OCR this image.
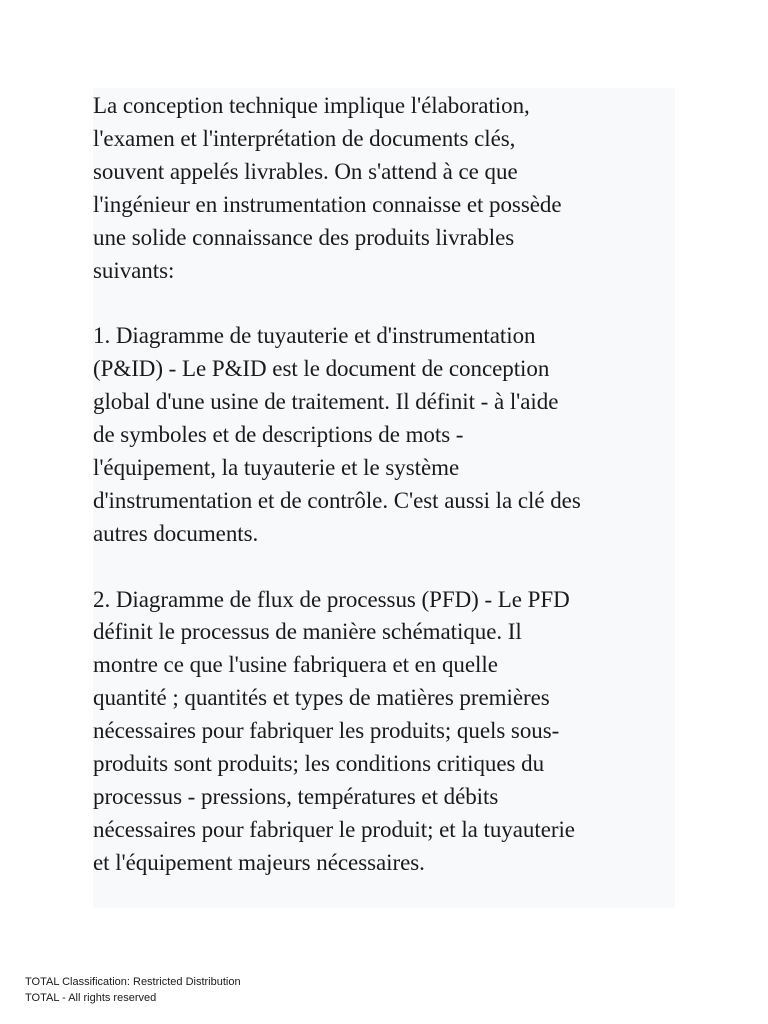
La conception technique implique l'élaboration,
l'examen et l'interprétation de documents clés,
souvent appelés livrables. On s'attend à ce que
l'ingénieur en instrumentation connaisse et possède
une solide connaissance des produits livrables
suivants:
1. Diagramme de tuyauterie et d'instrumentation
(P&ID) - Le P&ID est le document de conception
global d'une usine de traitement. Il définit - à l'aide
de symboles et de descriptions de mots -
l'équipement, la tuyauterie et le système
d'instrumentation et de contrôle. C'est aussi la clé des
autres documents.
2. Diagramme de flux de processus (PFD) - Le PFD
définit le processus de manière schématique. Il
montre ce que l'usine fabriquera et en quelle
quantité ; quantités et types de matières premières
nécessaires pour fabriquer les produits; quels sous-
produits sont produits; les conditions critiques du
processus - pressions, températures et débits
nécessaires pour fabriquer le produit; et la tuyauterie
et l'équipement majeurs nécessaires.
TOTAL Classification: Restricted Distribution
TOTAL - All rights reserved
